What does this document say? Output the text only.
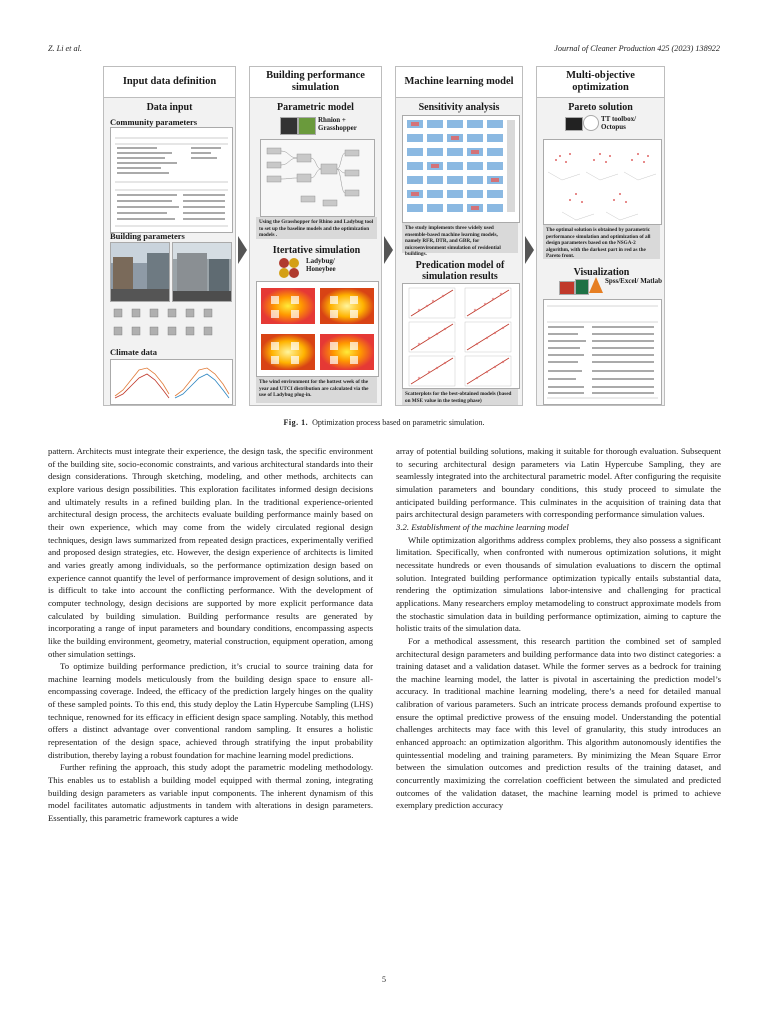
Z. Li et al.	Journal of Cleaner Production 425 (2023) 138922
Input data definition
Data input
Community parameters
Building parameters
Climate data
Building performance simulation
Parametric model
Rhnion + Grasshopper
Using the Grasshopper for Rhino and Ladybug tool to set up the baseline models and the optimization models .
Itertative simulation
Ladybug/ Honeybee
The wind environment for the hottest week of the year and UTCI distribution are calculated via the use of Ladybug plug-in.
Machine learning model
Sensitivity analysis
The study implements three widely used ensemble-based machine learning models, namely RFR, DTR, and GBR, for microenvironment simulation of residential buildings.
Predication model of simulation results
Scatterplots for the best-obtained models (based on MSE value in the testing phase)
Multi-objective optimization
Pareto solution
TT toolbox/ Octopus
The optimal solution is obtained by parametric performance simulation and optimization of all design parameters based on the NSGA-2 algorithm, with the darkest part in red as the Pareto front.
Visualization
Spss/Excel/ Matlab
Fig. 1. Optimization process based on parametric simulation.

pattern. Architects must integrate their experience, the design task, the specific environment of the building site, socio-economic constraints, and various architectural standards into their design considerations. Through sketching, modeling, and other methods, architects can explore various design possibilities. This exploration facilitates informed design decisions and ultimately results in a refined building plan. In the traditional experience-oriented architectural design process, the architects evaluate building performance mainly based on their own experience, which may come from the widely circulated regional design techniques, design laws summarized from repeated design practices, experimentally verified and proposed design strategies, etc. However, the design experience of architects is limited and varies greatly among individuals, so the performance optimization design based on experience cannot quantify the level of performance improvement of design solutions, and it is difficult to take into account the conflicting performance. With the development of computer technology, design decisions are supported by more explicit performance data calculated by building simulation. Building performance results are generated by incorporating a range of input parameters and boundary conditions, encompassing aspects like the building environment, geometry, material construction, equipment operation, among other simulation settings.

To optimize building performance prediction, it’s crucial to source training data for machine learning models meticulously from the building design space to ensure all-encompassing coverage. Indeed, the efficacy of the prediction largely hinges on the quality of these sampled points. To this end, this study deploy the Latin Hypercube Sampling (LHS) technique, renowned for its efficacy in efficient design space sampling. Notably, this method offers a distinct advantage over conventional random sampling. It ensures a holistic representation of the design space, achieved through stratifying the input probability distribution, thereby laying a robust foundation for machine learning model predictions.

Further refining the approach, this study adopt the parametric modeling methodology. This enables us to establish a building model equipped with thermal zoning, integrating building design parameters as variable input components. The inherent dynamism of this model facilitates automatic adjustments in tandem with alterations in design parameters. Essentially, this parametric framework captures a wide

array of potential building solutions, making it suitable for thorough evaluation. Subsequent to securing architectural design parameters via Latin Hypercube Sampling, they are seamlessly integrated into the architectural parametric model. After configuring the requisite simulation parameters and boundary conditions, this study proceed to simulate the anticipated building performance. This culminates in the acquisition of training data that pairs architectural design parameters with corresponding performance simulation values.

3.2. Establishment of the machine learning model

While optimization algorithms address complex problems, they also possess a significant limitation. Specifically, when confronted with numerous optimization solutions, it might necessitate hundreds or even thousands of simulation evaluations to discern the optimal solution. Integrated building performance optimization typically entails substantial data, rendering the optimization simulations labor-intensive and challenging for practical applications. Many researchers employ metamodeling to construct approximate models from the stochastic simulation data in building performance optimization, aiming to capture the holistic traits of the simulation data.

For a methodical assessment, this research partition the combined set of sampled architectural design parameters and building performance data into two distinct categories: a training dataset and a validation dataset. While the former serves as a bedrock for training the machine learning model, the latter is pivotal in ascertaining the prediction model’s accuracy. In traditional machine learning modeling, there’s a need for detailed manual calibration of various parameters. Such an intricate process demands profound expertise to ensure the optimal predictive prowess of the ensuing model. Understanding the potential challenges architects may face with this level of granularity, this study introduces an enhanced approach: an optimization algorithm. This algorithm autonomously identifies the quintessential modeling and training parameters. By minimizing the Mean Square Error between the simulation outcomes and prediction results of the training dataset, and concurrently maximizing the correlation coefficient between the simulated and predicted outcomes of the validation dataset, the machine learning model is primed to achieve exemplary prediction accuracy

5
